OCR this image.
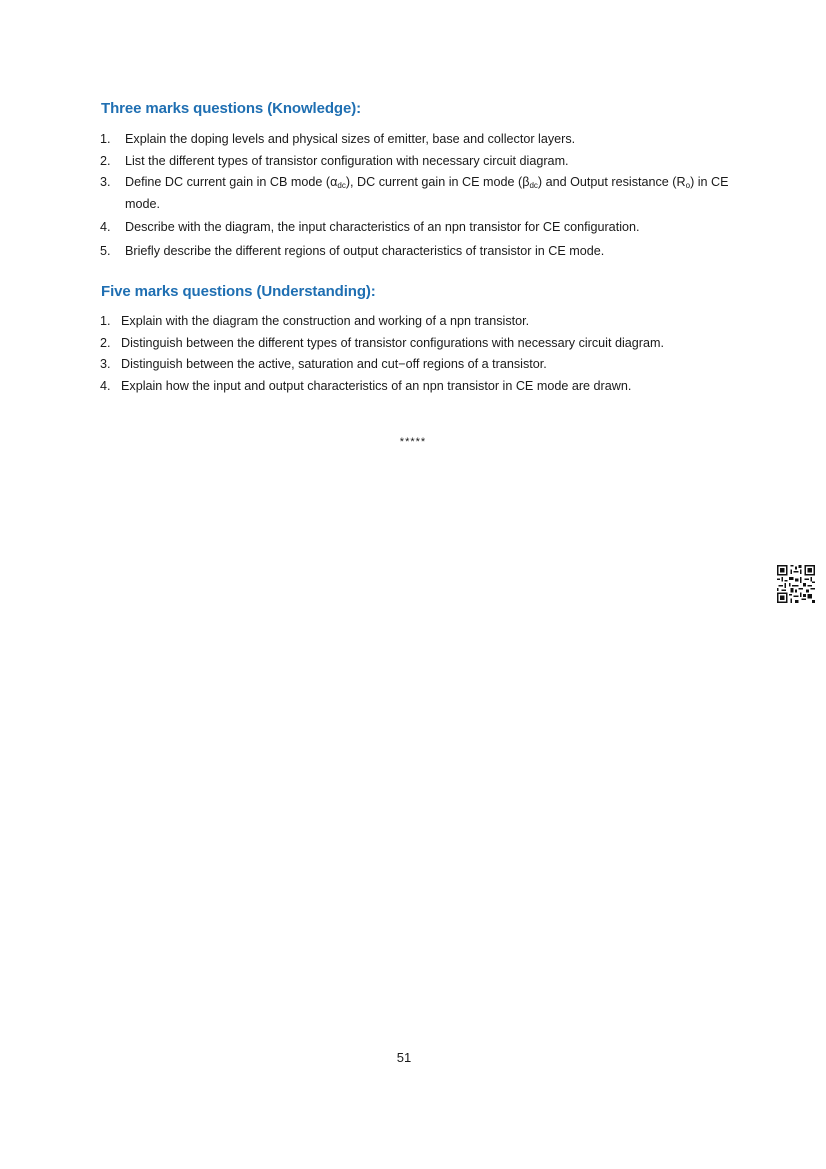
Three marks questions (Knowledge):
1.	Explain the doping levels and physical sizes of emitter, base and collector layers.
2.	List the different types of transistor configuration with necessary circuit diagram.
3.	Define DC current gain in CB mode $(\alpha_{dc})$, DC current gain in CE mode $(\beta_{dc})$ and Output resistance $(R_o)$ in CE mode.
4.	Describe with the diagram, the input characteristics of an npn transistor for CE configuration.
5.	Briefly describe the different regions of output characteristics of transistor in CE mode.
Five marks questions (Understanding):
1. Explain with the diagram the construction and working of a npn transistor.
2. Distinguish between the different types of transistor configurations with necessary circuit diagram.
3. Distinguish between the active, saturation and cut−off regions of a transistor.
4. Explain how the input and output characteristics of an npn transistor in CE mode are drawn.
*****
51
